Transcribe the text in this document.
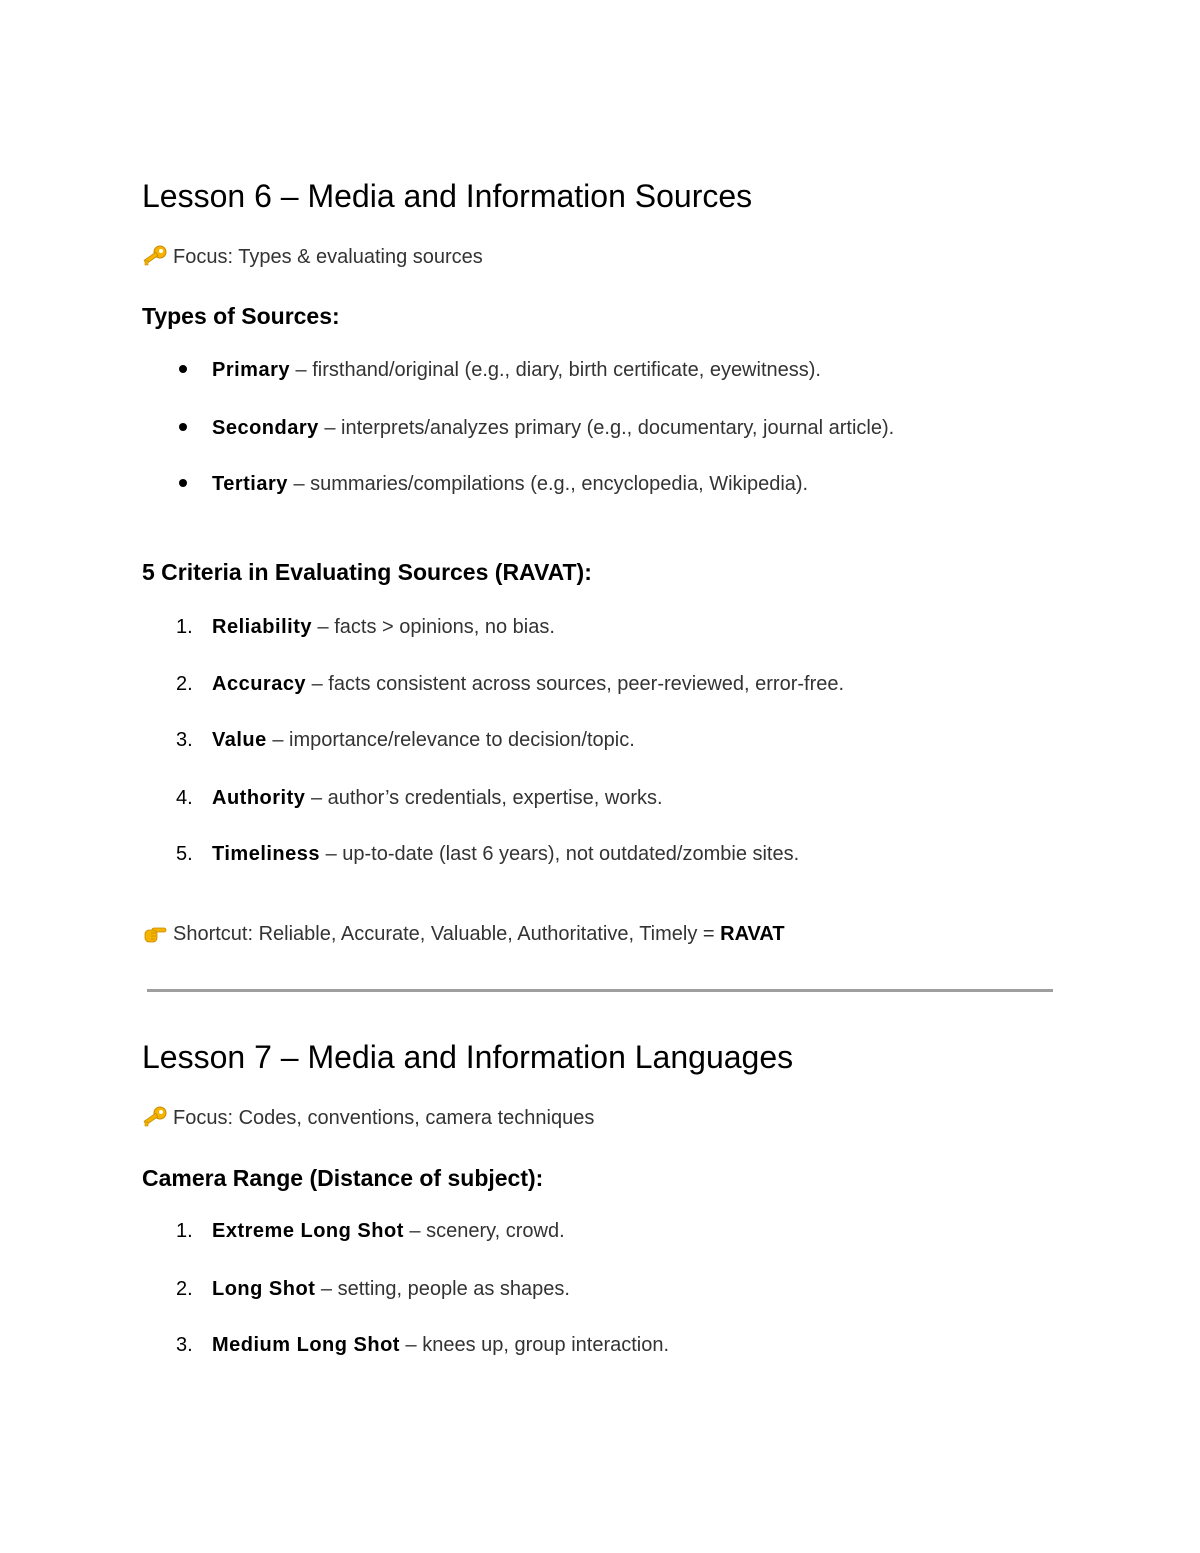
Lesson 6 – Media and Information Sources
Focus: Types & evaluating sources
Types of Sources:
Primary – firsthand/original (e.g., diary, birth certificate, eyewitness).
Secondary – interprets/analyzes primary (e.g., documentary, journal article).
Tertiary – summaries/compilations (e.g., encyclopedia, Wikipedia).
5 Criteria in Evaluating Sources (RAVAT):
1. Reliability – facts > opinions, no bias.
2. Accuracy – facts consistent across sources, peer-reviewed, error-free.
3. Value – importance/relevance to decision/topic.
4. Authority – author’s credentials, expertise, works.
5. Timeliness – up-to-date (last 6 years), not outdated/zombie sites.
Shortcut: Reliable, Accurate, Valuable, Authoritative, Timely = RAVAT
Lesson 7 – Media and Information Languages
Focus: Codes, conventions, camera techniques
Camera Range (Distance of subject):
1. Extreme Long Shot – scenery, crowd.
2. Long Shot – setting, people as shapes.
3. Medium Long Shot – knees up, group interaction.
